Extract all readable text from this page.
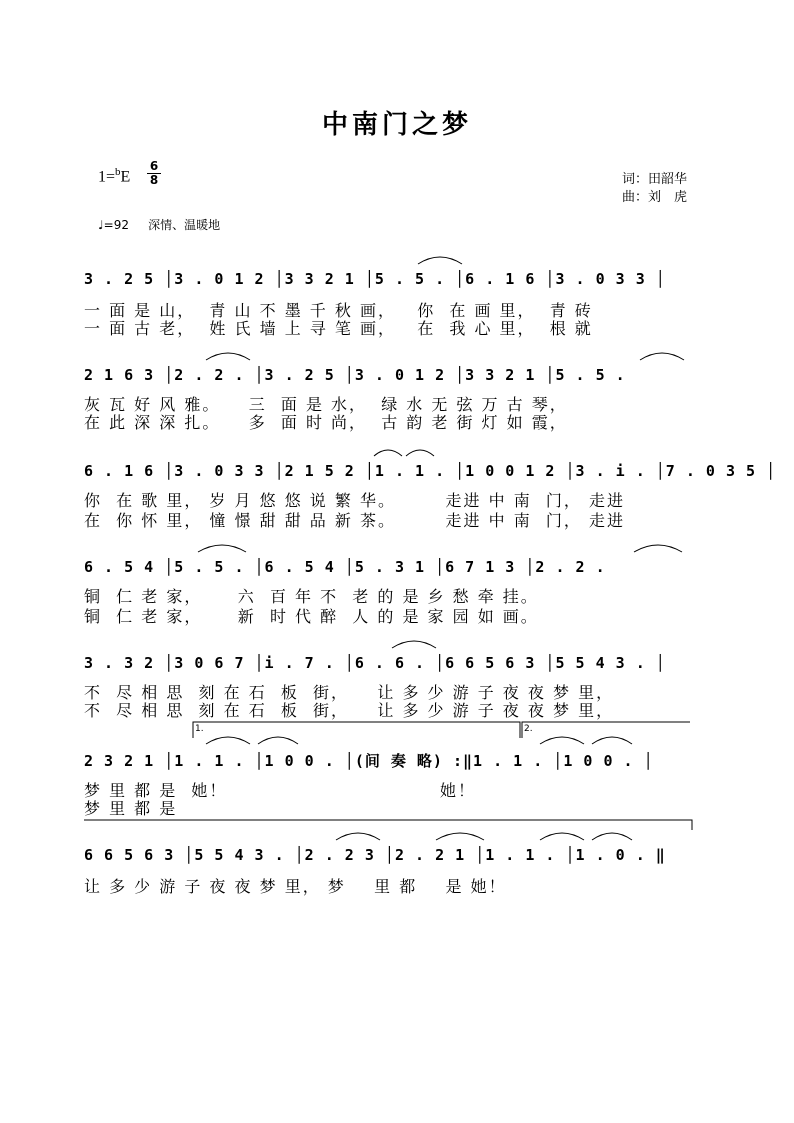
中南门之梦
1=$^b$E
6
8	词：田韶华
曲：刘　虎
♩=92 深情、温暖地
3 . 2 5 │3 . 0 1 2 │3 3 2 1 │5 . 5 . │6 . 1 6 │3 . 0 3 3 │
一 面 是 山，  青 山 不 墨 千 秋 画，   你  在 画 里，  青 砖
一 面 古 老，  姓 氏 墙 上 寻 笔 画，   在  我 心 里，  根 就
2 1 6 3 │2 . 2 . │3 . 2 5 │3 . 0 1 2 │3 3 2 1 │5 . 5 .
灰 瓦 好 风 雅。    三  面 是 水，  绿 水 无 弦 万 古 琴，
在 此 深 深 扎。    多  面 时 尚，  古 韵 老 街 灯 如 霞，
6 . 1 6 │3 . 0 3 3 │2 1 5 2 │1 . 1 . │1 0 0 1 2 │3 . i . │7 . 0 3 5 │
你  在 歌 里， 岁 月 悠 悠 说 繁 华。       走进 中 南  门， 走进
在  你 怀 里， 憧 憬 甜 甜 品 新 茶。       走进 中 南  门， 走进
6 . 5 4 │5 . 5 . │6 . 5 4 │5 . 3 1 │6 7 1 3 │2 . 2 .
铜  仁 老 家，     六  百 年 不  老 的 是 乡 愁 牵 挂。
铜  仁 老 家，     新  时 代 醉  人 的 是 家 园 如 画。
3 . 3 2 │3 0 6 7 │i . 7 . │6 . 6 . │6 6 5 6 3 │5 5 4 3 . │
不  尽 相 思  刻 在 石  板  街，    让 多 少 游 子 夜 夜 梦 里，
不  尽 相 思  刻 在 石  板  街，    让 多 少 游 子 夜 夜 梦 里，
2 3 2 1 │1 . 1 . │1 0 0 . │(间 奏 略) :‖1 . 1 . │1 0 0 . │
梦 里 都 是  她！                              她！
梦 里 都 是
6 6 5 6 3 │5 5 4 3 . │2 . 2 3 │2 . 2 1 │1 . 1 . │1 . 0 . ‖
让 多 少 游 子 夜 夜 梦 里， 梦    里 都    是 她！
1.	2.
